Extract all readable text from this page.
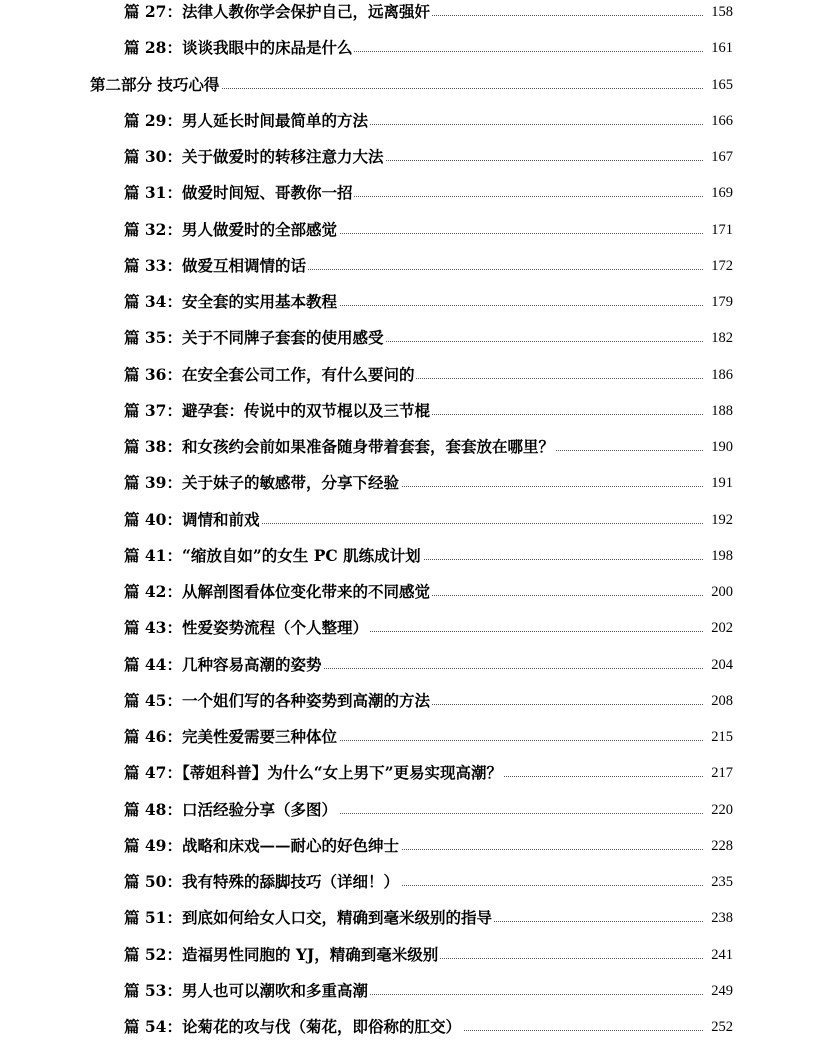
篇 27：法律人教你学会保护自己，远离强奸	158
篇 28：谈谈我眼中的床品是什么	161
第二部分 技巧心得	165
篇 29：男人延长时间最简单的方法	166
篇 30：关于做爱时的转移注意力大法	167
篇 31：做爱时间短、哥教你一招	169
篇 32：男人做爱时的全部感觉	171
篇 33：做爱互相调情的话	172
篇 34：安全套的实用基本教程	179
篇 35：关于不同牌子套套的使用感受	182
篇 36：在安全套公司工作，有什么要问的	186
篇 37：避孕套：传说中的双节棍以及三节棍	188
篇 38：和女孩约会前如果准备随身带着套套，套套放在哪里？	190
篇 39：关于妹子的敏感带，分享下经验	191
篇 40：调情和前戏	192
篇 41：“缩放自如”的女生 PC 肌练成计划	198
篇 42：从解剖图看体位变化带来的不同感觉	200
篇 43：性爱姿势流程（个人整理）	202
篇 44：几种容易高潮的姿势	204
篇 45：一个姐们写的各种姿势到高潮的方法	208
篇 46：完美性爱需要三种体位	215
篇 47：【蒂姐科普】为什么“女上男下”更易实现高潮？	217
篇 48：口活经验分享（多图）	220
篇 49：战略和床戏——耐心的好色绅士	228
篇 50：我有特殊的舔脚技巧（详细！）	235
篇 51：到底如何给女人口交，精确到毫米级别的指导	238
篇 52：造福男性同胞的 YJ，精确到毫米级别	241
篇 53：男人也可以潮吹和多重高潮	249
篇 54：论菊花的攻与伐（菊花，即俗称的肛交）	252
